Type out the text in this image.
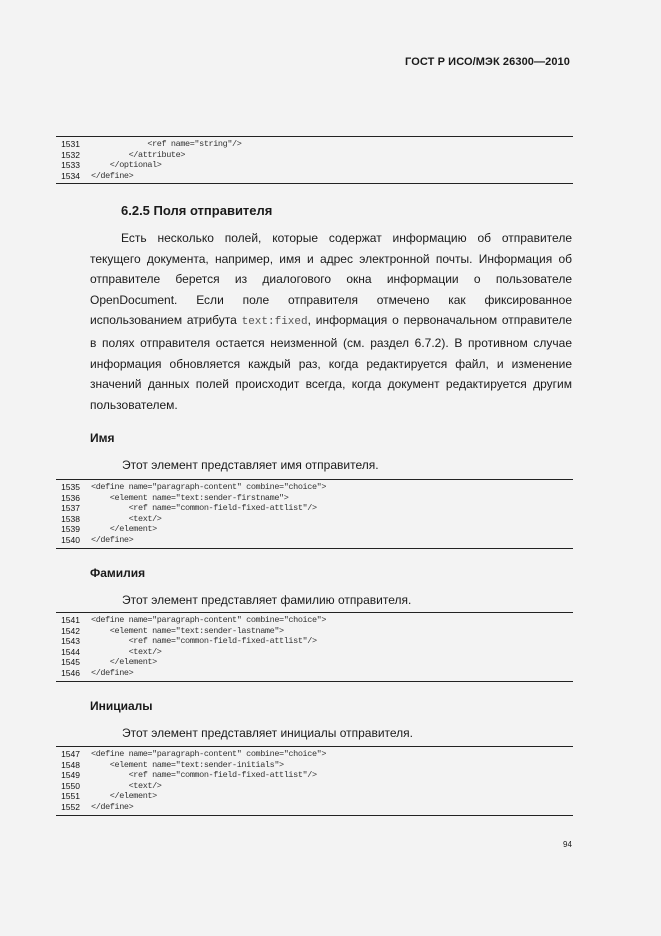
ГОСТ Р ИСО/МЭК 26300—2010
1531 <ref name="string"/>
1532 </attribute>
1533 </optional>
1534 </define>
6.2.5 Поля отправителя

Есть несколько полей, которые содержат информацию об отправителе текущего документа, например, имя и адрес электронной почты. Информация об отправителе берется из диалогового окна информации о пользователе OpenDocument. Если поле отправителя отмечено как фиксированное использованием атрибута text:fixed, информация о первоначальном отправителе в полях отправителя остается неизменной (см. раздел 6.7.2). В противном случае информация обновляется каждый раз, когда редактируется файл, и изменение значений данных полей происходит всегда, когда документ редактируется другим пользователем.

Имя
Этот элемент представляет имя отправителя.
1535 <define name="paragraph-content" combine="choice">
1536 <element name="text:sender-firstname">
1537 <ref name="common-field-fixed-attlist"/>
1538 <text/>
1539 </element>
1540 </define>
Фамилия
Этот элемент представляет фамилию отправителя.
1541 <define name="paragraph-content" combine="choice">
1542 <element name="text:sender-lastname">
1543 <ref name="common-field-fixed-attlist"/>
1544 <text/>
1545 </element>
1546 </define>
Инициалы
Этот элемент представляет инициалы отправителя.
1547 <define name="paragraph-content" combine="choice">
1548 <element name="text:sender-initials">
1549 <ref name="common-field-fixed-attlist"/>
1550 <text/>
1551 </element>
1552 </define>
94
